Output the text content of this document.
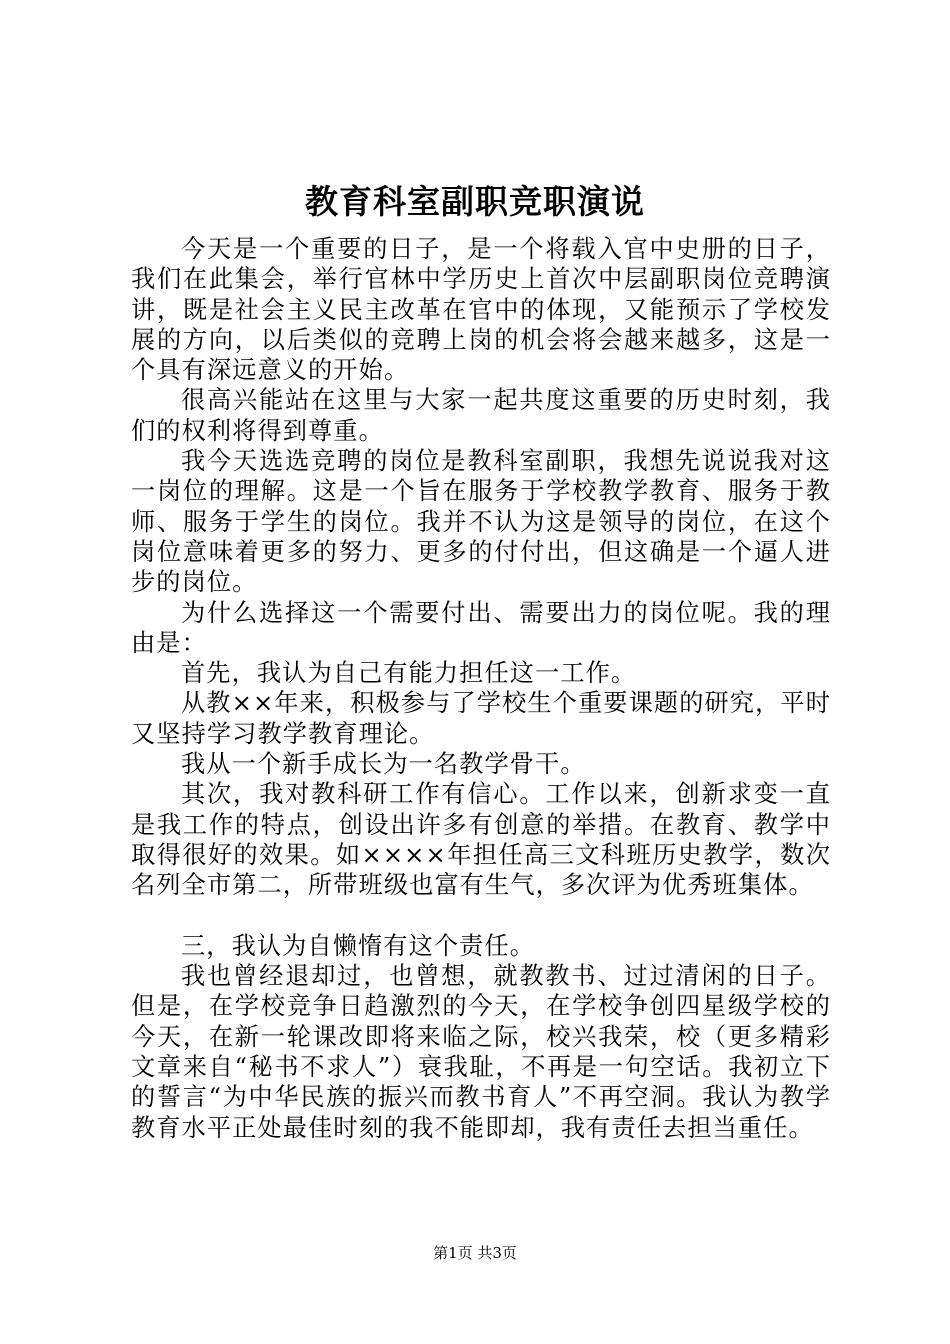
教育科室副职竞职演说

今天是一个重要的日子，是一个将载入官中史册的日子，我们在此集会，举行官林中学历史上首次中层副职岗位竞聘演讲，既是社会主义民主改革在官中的体现，又能预示了学校发展的方向，以后类似的竞聘上岗的机会将会越来越多，这是一个具有深远意义的开始。

很高兴能站在这里与大家一起共度这重要的历史时刻，我们的权利将得到尊重。

我今天选选竞聘的岗位是教科室副职，我想先说说我对这一岗位的理解。这是一个旨在服务于学校教学教育、服务于教师、服务于学生的岗位。我并不认为这是领导的岗位，在这个岗位意味着更多的努力、更多的付付出，但这确是一个逼人进步的岗位。

为什么选择这一个需要付出、需要出力的岗位呢。我的理由是：

首先，我认为自己有能力担任这一工作。

从教××年来，积极参与了学校生个重要课题的研究，平时又坚持学习教学教育理论。

我从一个新手成长为一名教学骨干。

其次，我对教科研工作有信心。工作以来，创新求变一直是我工作的特点，创设出许多有创意的举措。在教育、教学中取得很好的效果。如××××年担任高三文科班历史教学，数次名列全市第二，所带班级也富有生气，多次评为优秀班集体。

三，我认为自懒惰有这个责任。

我也曾经退却过，也曾想，就教教书、过过清闲的日子。但是，在学校竞争日趋激烈的今天，在学校争创四星级学校的今天，在新一轮课改即将来临之际，校兴我荣，校（更多精彩文章来自“秘书不求人”）衰我耻，不再是一句空话。我初立下的誓言“为中华民族的振兴而教书育人”不再空洞。我认为教学教育水平正处最佳时刻的我不能即却，我有责任去担当重任。

第1页 共3页
